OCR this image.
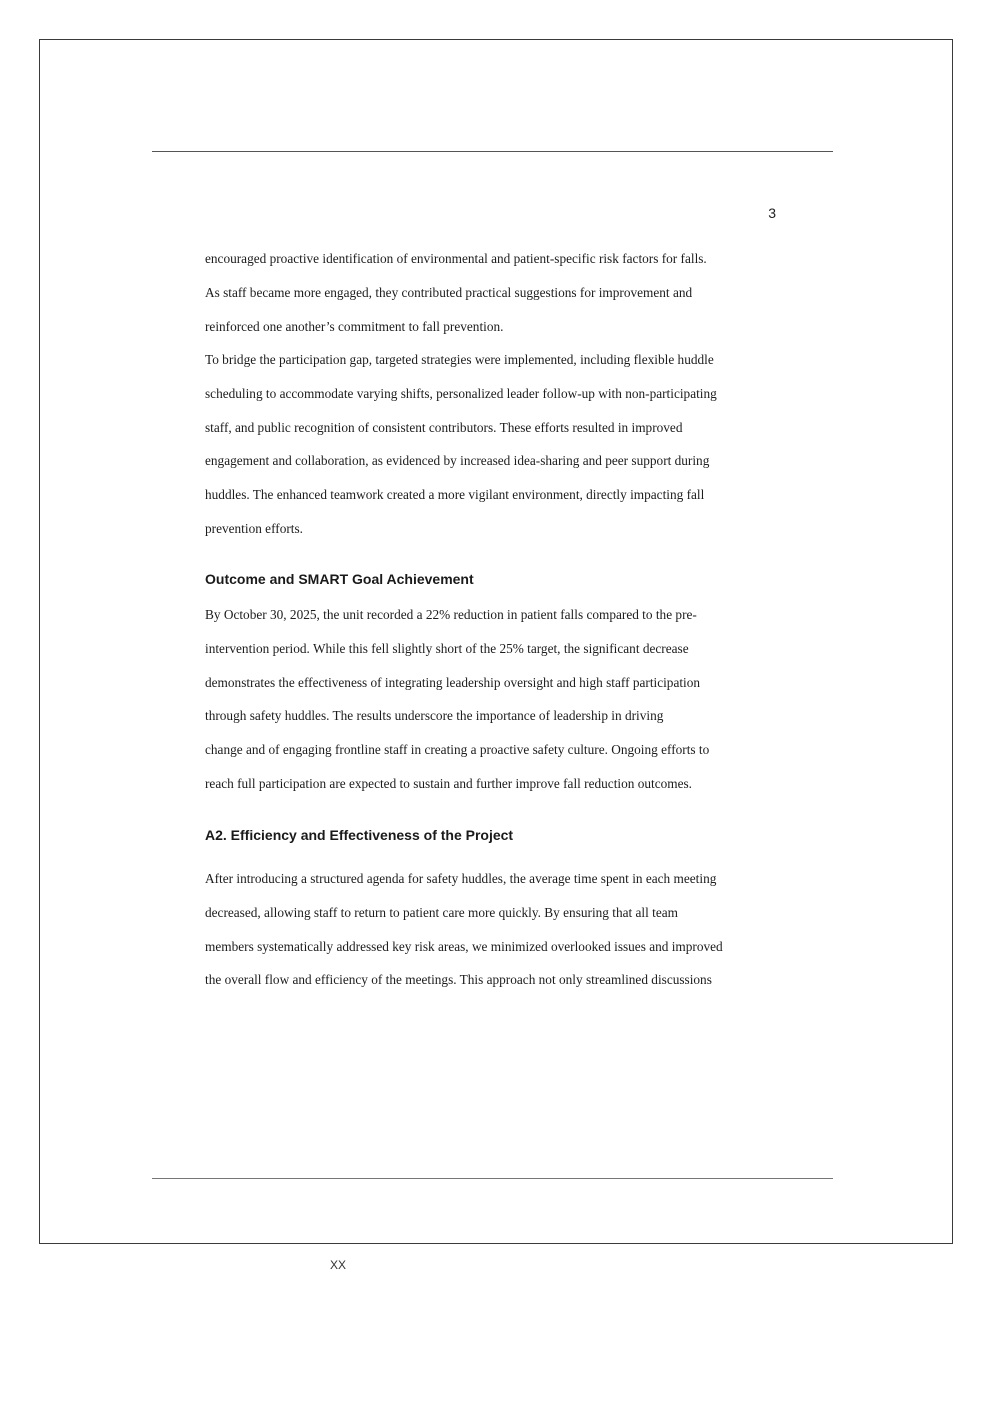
3
encouraged proactive identification of environmental and patient-specific risk factors for falls.
As staff became more engaged, they contributed practical suggestions for improvement and
reinforced one another’s commitment to fall prevention.
To bridge the participation gap, targeted strategies were implemented, including flexible huddle
scheduling to accommodate varying shifts, personalized leader follow-up with non-participating
staff, and public recognition of consistent contributors. These efforts resulted in improved
engagement and collaboration, as evidenced by increased idea-sharing and peer support during
huddles. The enhanced teamwork created a more vigilant environment, directly impacting fall
prevention efforts.
Outcome and SMART Goal Achievement
By October 30, 2025, the unit recorded a 22% reduction in patient falls compared to the pre-
intervention period. While this fell slightly short of the 25% target, the significant decrease
demonstrates the effectiveness of integrating leadership oversight and high staff participation
through safety huddles. The results underscore the importance of leadership in driving
change and of engaging frontline staff in creating a proactive safety culture. Ongoing efforts to
reach full participation are expected to sustain and further improve fall reduction outcomes.
A2. Efficiency and Effectiveness of the Project
After introducing a structured agenda for safety huddles, the average time spent in each meeting
decreased, allowing staff to return to patient care more quickly. By ensuring that all team
members systematically addressed key risk areas, we minimized overlooked issues and improved
the overall flow and efficiency of the meetings. This approach not only streamlined discussions
XX
